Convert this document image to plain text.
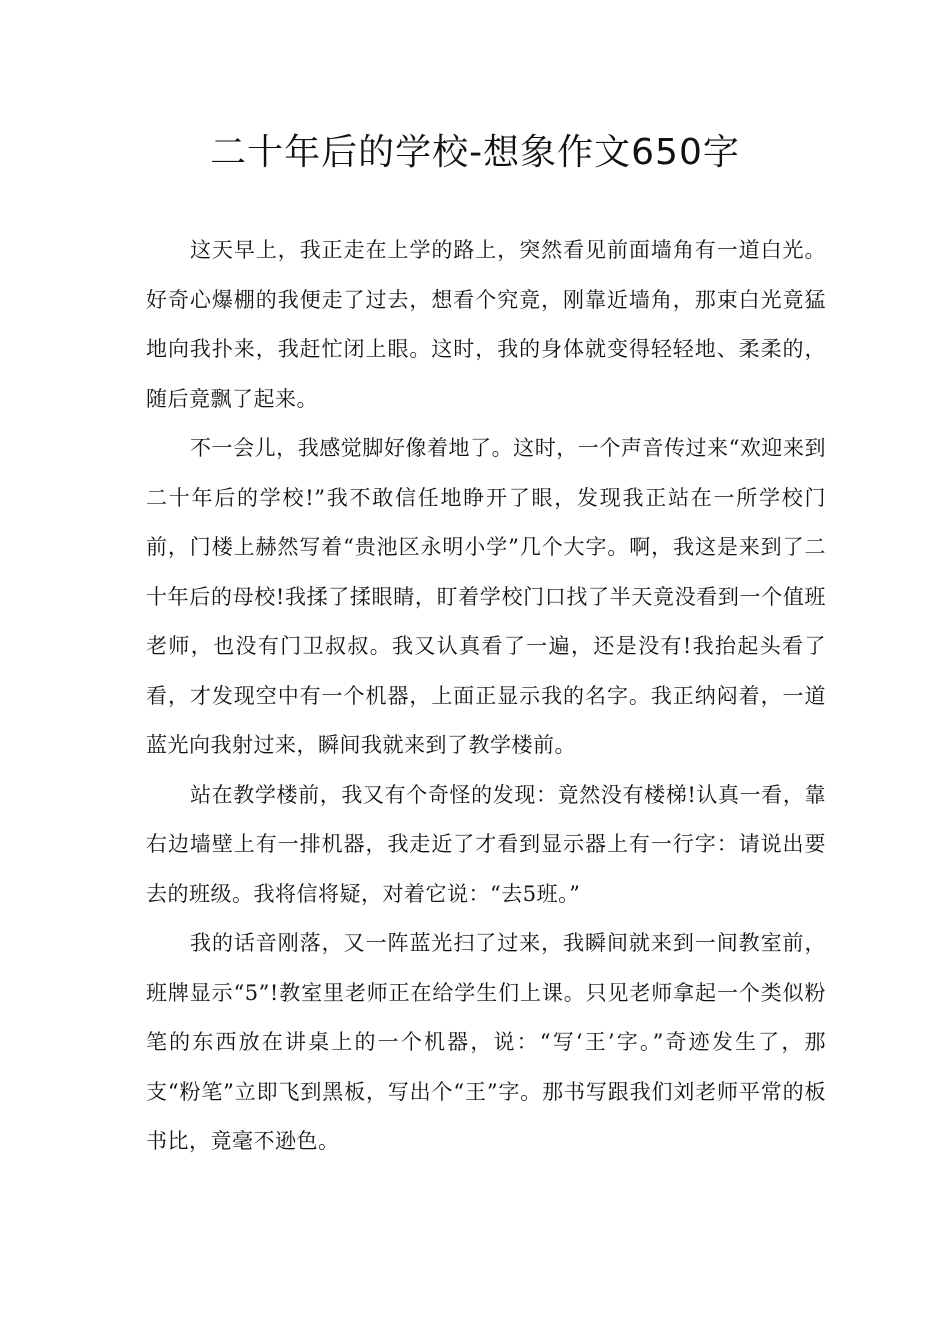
二十年后的学校-想象作文650字

这天早上，我正走在上学的路上，突然看见前面墙角有一道白光。好奇心爆棚的我便走了过去，想看个究竟，刚靠近墙角，那束白光竟猛地向我扑来，我赶忙闭上眼。这时，我的身体就变得轻轻地、柔柔的，随后竟飘了起来。

不一会儿，我感觉脚好像着地了。这时，一个声音传过来“欢迎来到二十年后的学校!”我不敢信任地睁开了眼，发现我正站在一所学校门前，门楼上赫然写着“贵池区永明小学”几个大字。啊，我这是来到了二十年后的母校!我揉了揉眼睛，盯着学校门口找了半天竟没看到一个值班老师，也没有门卫叔叔。我又认真看了一遍，还是没有!我抬起头看了看，才发现空中有一个机器，上面正显示我的名字。我正纳闷着，一道蓝光向我射过来，瞬间我就来到了教学楼前。

站在教学楼前，我又有个奇怪的发现：竟然没有楼梯!认真一看，靠右边墙壁上有一排机器，我走近了才看到显示器上有一行字：请说出要去的班级。我将信将疑，对着它说：“去5班。”

我的话音刚落，又一阵蓝光扫了过来，我瞬间就来到一间教室前，班牌显示“5”!教室里老师正在给学生们上课。只见老师拿起一个类似粉笔的东西放在讲桌上的一个机器，说：“写‘王’字。”奇迹发生了，那支“粉笔”立即飞到黑板，写出个“王”字。那书写跟我们刘老师平常的板书比，竟毫不逊色。
